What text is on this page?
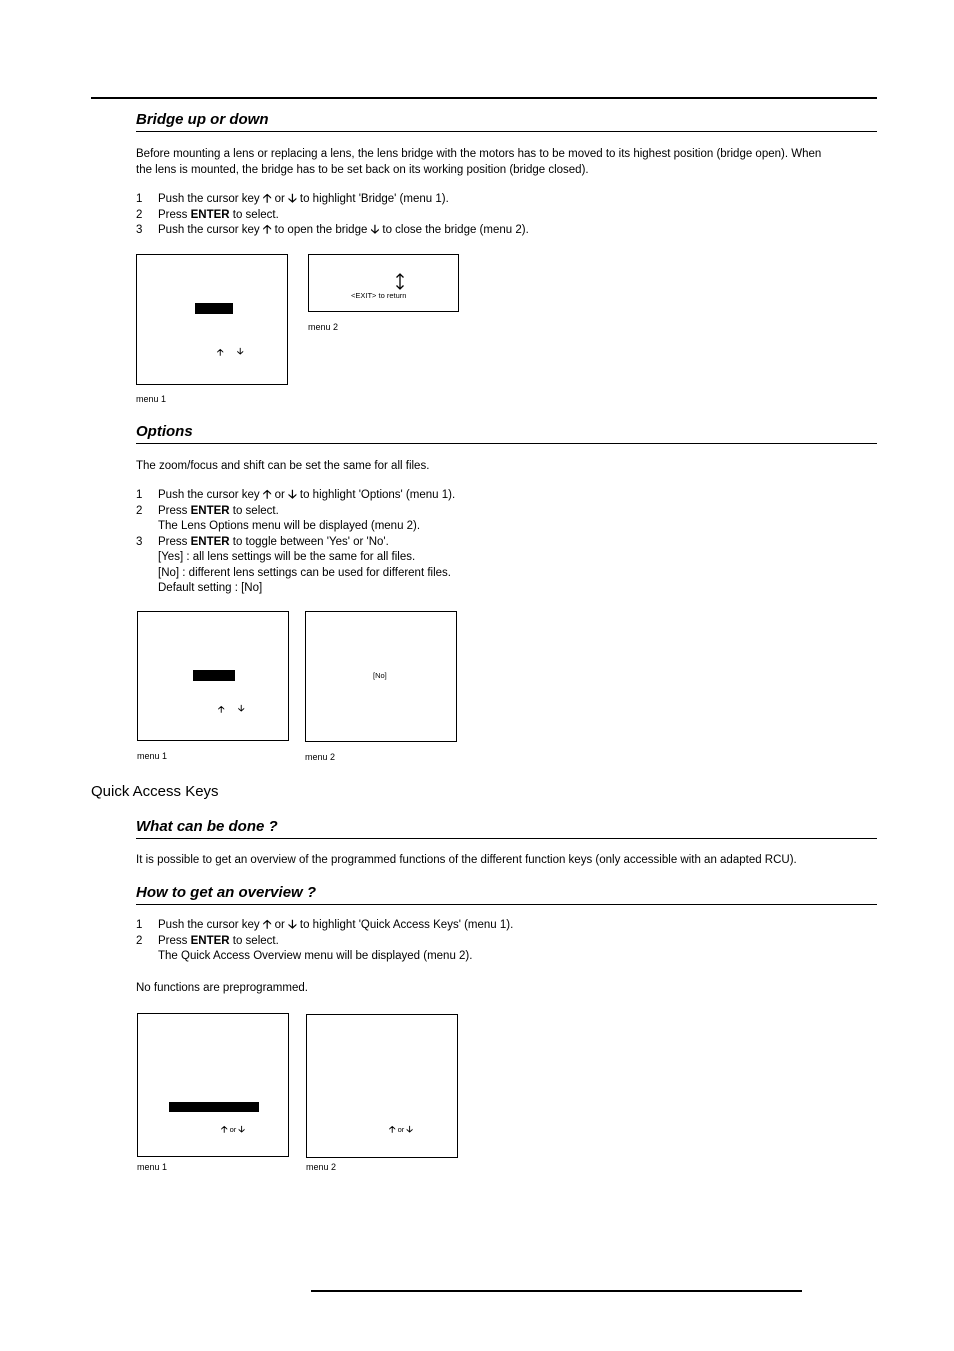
Bridge up or down
Before mounting a lens or replacing a lens, the lens bridge with the motors has to be moved to its highest position (bridge open). When
the lens is mounted, the bridge has to be set back on its working position (bridge closed).
1 Push the cursor key 🡡 or 🡣 to highlight 'Bridge' (menu 1).
2 Press ENTER to select.
3 Push the cursor key 🡡 to open the bridge 🡣 to close the bridge (menu 2).
🡡 🡣
menu 1
<EXIT> to return
menu 2
Options
The zoom/focus and shift can be set the same for all files.
1 Push the cursor key 🡡 or 🡣 to highlight 'Options' (menu 1).
2 Press ENTER to select.
The Lens Options menu will be displayed (menu 2).
3 Press ENTER to toggle between 'Yes' or 'No'.
[Yes] : all lens settings will be the same for all files.
[No] : different lens settings can be used for different files.
Default setting : [No]
🡡 🡣
menu 1
[No]
menu 2
Quick Access Keys
What can be done ?
It is possible to get an overview of the programmed functions of the different function keys (only accessible with an adapted RCU).
How to get an overview ?
1 Push the cursor key 🡡 or 🡣 to highlight 'Quick Access Keys' (menu 1).
2 Press ENTER to select.
The Quick Access Overview menu will be displayed (menu 2).
No functions are preprogrammed.
🡡 or 🡣
menu 1
🡡 or 🡣
menu 2
